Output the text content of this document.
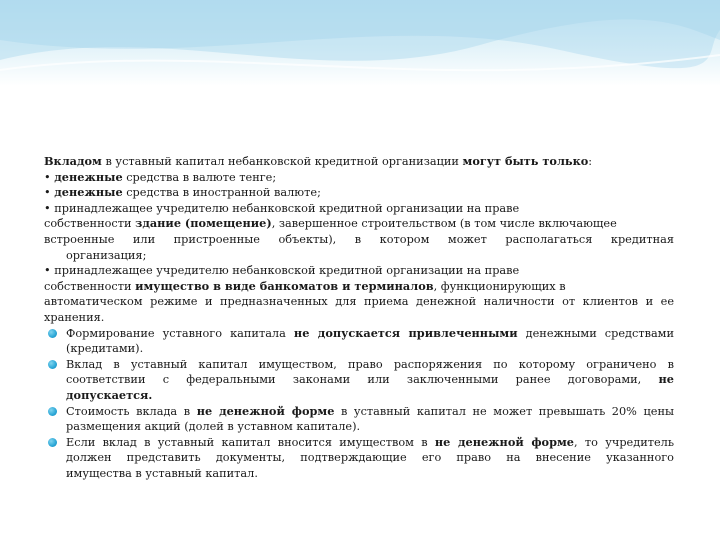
Вкладом в уставный капитал небанковской кредитной организации могут быть только:

• денежные средства в валюте тенге;

• денежные средства в иностранной валюте;

• принадлежащее учредителю небанковской кредитной организации на праве

собственности здание (помещение), завершенное строительством (в том числе включающее

встроенные или пристроенные объекты), в котором может располагаться кредитная

организация;

• принадлежащее учредителю небанковской кредитной организации на праве

собственности имущество в виде банкоматов и терминалов, функционирующих в

автоматическом режиме и предназначенных для приема денежной наличности от клиентов и ее

хранения.

Формирование уставного капитала не допускается привлеченными денежными средствами
(кредитами).
Вклад в уставный капитал имуществом, право распоряжения по которому ограничено в
соответствии с федеральными законами или заключенными ранее договорами, не
допускается.
Стоимость вклада в не денежной форме в уставный капитал не может превышать 20% цены
размещения акций (долей в уставном капитале).
Если вклад в уставный капитал вносится имуществом в не денежной форме, то учредитель
должен представить документы, подтверждающие его право на внесение указанного
имущества в уставный капитал.
